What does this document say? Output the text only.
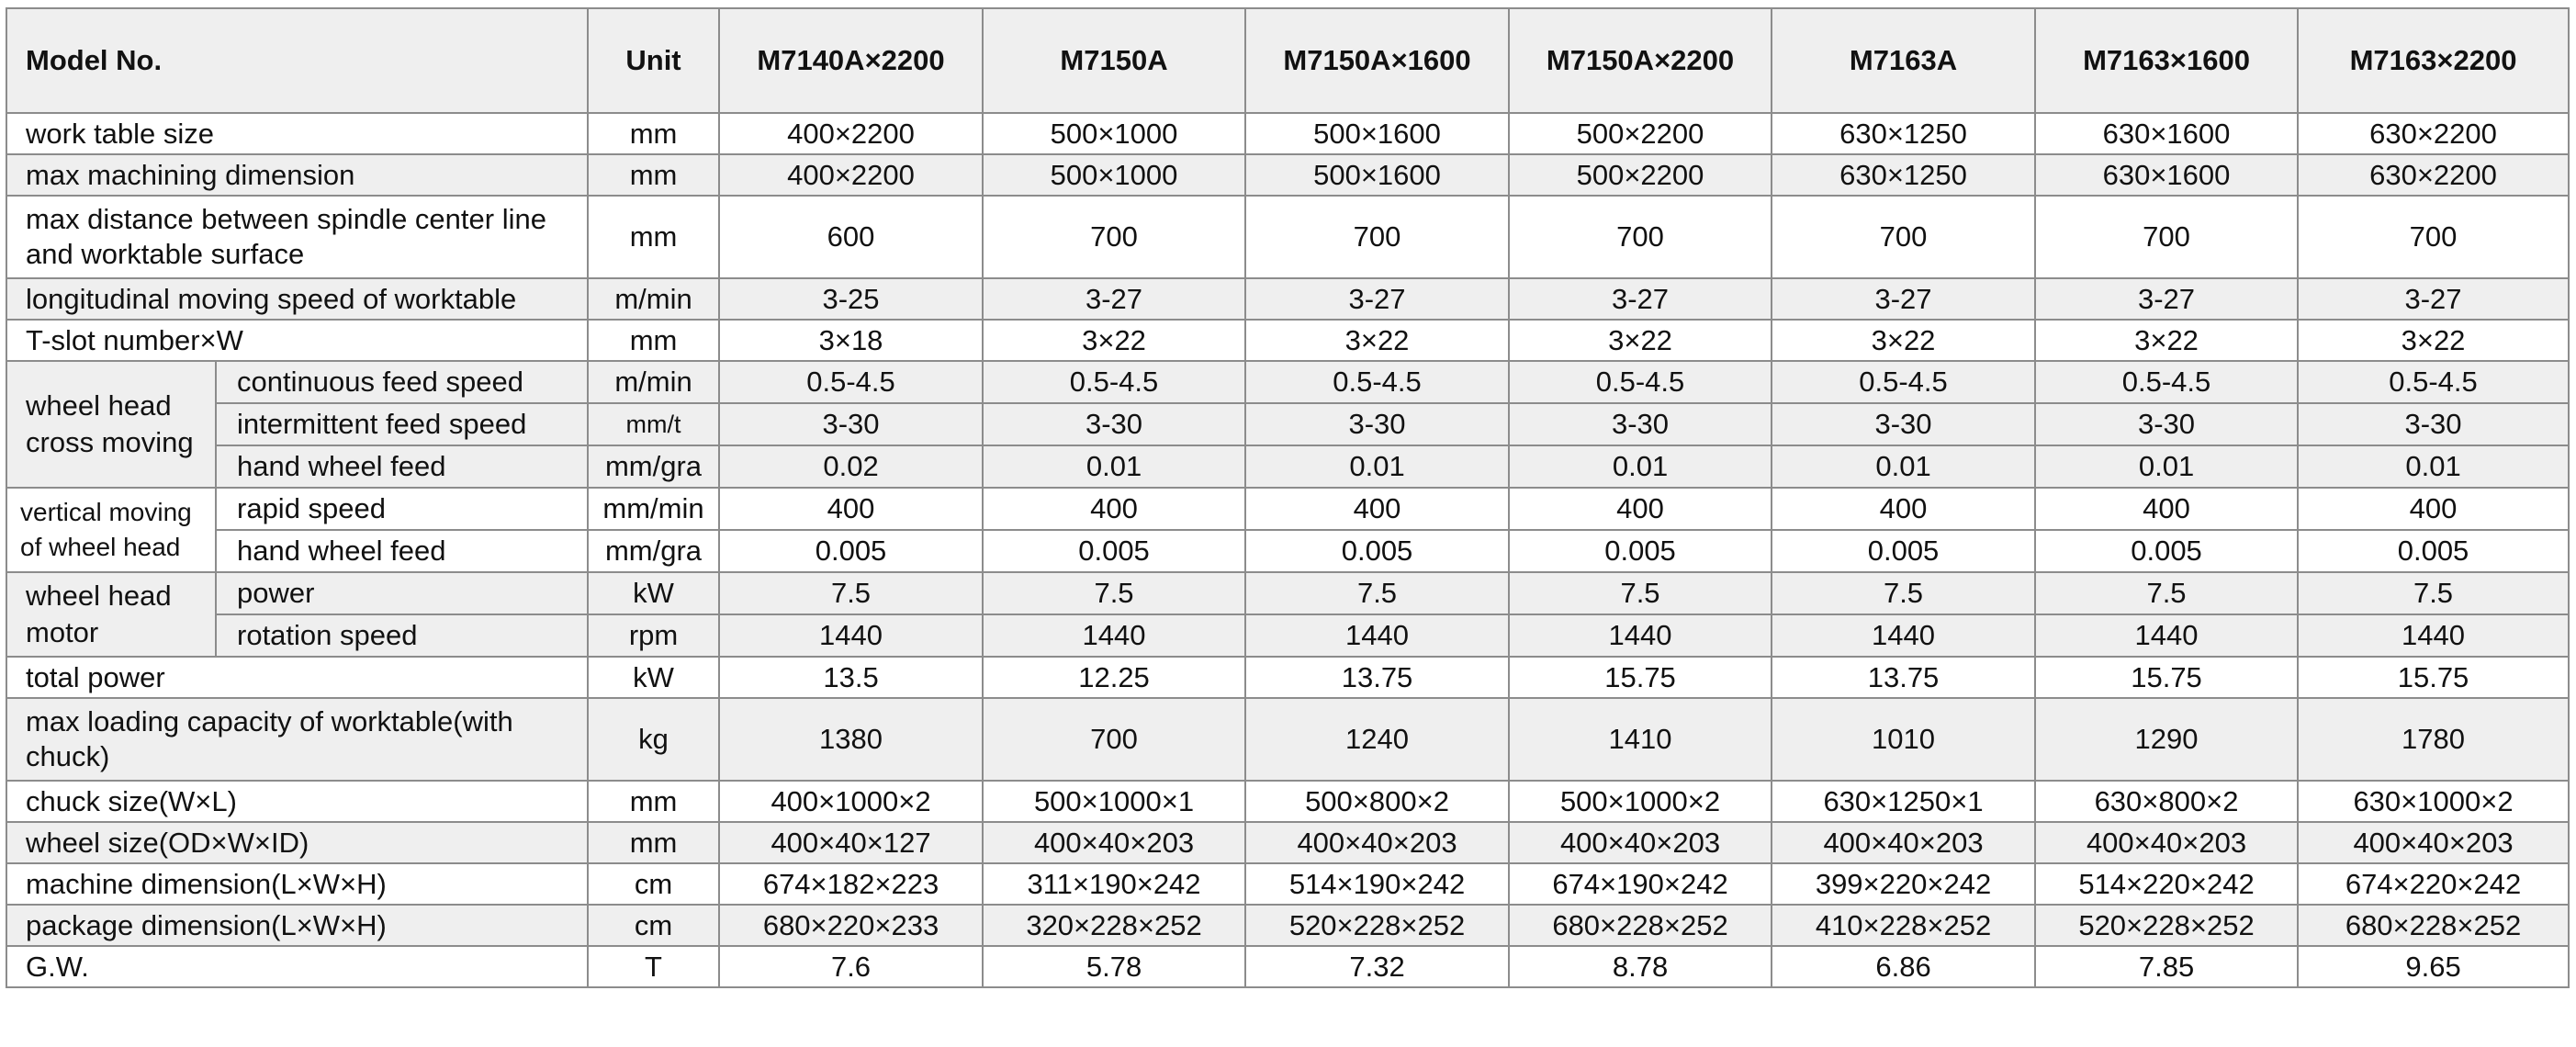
Model No.		Unit	M7140A×2200	M7150A	M7150A×1600	M7150A×2200	M7163A	M7163×1600	M7163×2200
work table size		mm	400×2200	500×1000	500×1600	500×2200	630×1250	630×1600	630×2200
max machining dimension		mm	400×2200	500×1000	500×1600	500×2200	630×1250	630×1600	630×2200
max distance between spindle center line and worktable surface		mm	600	700	700	700	700	700	700
longitudinal moving speed of worktable		m/min	3-25	3-27	3-27	3-27	3-27	3-27	3-27
T-slot number×W		mm	3×18	3×22	3×22	3×22	3×22	3×22	3×22
wheel head cross moving	continuous feed speed	m/min	0.5-4.5	0.5-4.5	0.5-4.5	0.5-4.5	0.5-4.5	0.5-4.5	0.5-4.5
	intermittent feed speed	mm/t	3-30	3-30	3-30	3-30	3-30	3-30	3-30
	hand wheel feed	mm/gra	0.02	0.01	0.01	0.01	0.01	0.01	0.01
vertical moving of wheel head	rapid speed	mm/min	400	400	400	400	400	400	400
	hand wheel feed	mm/gra	0.005	0.005	0.005	0.005	0.005	0.005	0.005
wheel head motor	power	kW	7.5	7.5	7.5	7.5	7.5	7.5	7.5
	rotation speed	rpm	1440	1440	1440	1440	1440	1440	1440
total power		kW	13.5	12.25	13.75	15.75	13.75	15.75	15.75
max loading capacity of worktable(with chuck)		kg	1380	700	1240	1410	1010	1290	1780
chuck size(W×L)		mm	400×1000×2	500×1000×1	500×800×2	500×1000×2	630×1250×1	630×800×2	630×1000×2
wheel size(OD×W×ID)		mm	400×40×127	400×40×203	400×40×203	400×40×203	400×40×203	400×40×203	400×40×203
machine dimension(L×W×H)		cm	674×182×223	311×190×242	514×190×242	674×190×242	399×220×242	514×220×242	674×220×242
package dimension(L×W×H)		cm	680×220×233	320×228×252	520×228×252	680×228×252	410×228×252	520×228×252	680×228×252
G.W.		T	7.6	5.78	7.32	8.78	6.86	7.85	9.65
